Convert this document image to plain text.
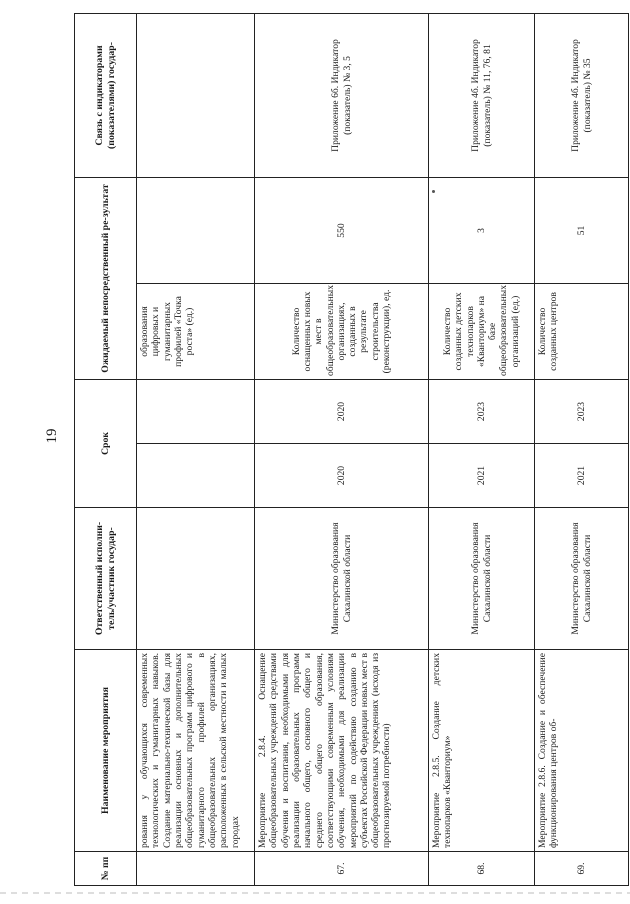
19
№ пп	Наименование мероприятия	Ответственный исполни-тель/участник государ-	Срок		Ожидаемый непосредственный ре-зультат		Связь с индикаторами (показателями) государ-
	рования у обучающихся современных технологических и гуманитарных навыков. Создание материально-технической базы для реализации основных и дополнительных общеобразовательных программ цифрового и гуманитарного профилей в общеобразовательных организациях, расположенных в сельской местности и малых городах				образования цифровых и гуманитарных профилей «Точка роста» (ед.)		
67.	Мероприятие 2.8.4. Оснащение общеобразовательных учреждений средствами обучения и воспитания, необходимыми для реализации образовательных программ начального общего, основного общего и среднего общего образования, соответствующими современным условиям обучения, необходимыми для реализации мероприятий по содействию созданию в субъектах Российской Федерации новых мест в общеобразовательных учреждениях (исходя из прогнозируемой потребности)	Министерство образования Сахалинской области	2020	2020	Количество оснащенных новых мест в общеобразовательных организациях, созданных в результате строительства (реконструкции), ед.	550	Приложение 6б. Индикатор (показатель) № 3, 5
68.	Мероприятие 2.8.5. Создание детских технопарков «Кванториум»	Министерство образования Сахалинской области	2021	2023	Количество созданных детских технопарков «Кванториум» на базе общеобразовательных организаций (ед.)	3	Приложение 4б. Индикатор (показатель) № 11, 76, 81
69.	Мероприятие 2.8.6. Создание и обеспечение функционирования центров об-	Министерство образования Сахалинской области	2021	2023	Количество созданных центров	51	Приложение 4б. Индикатор (показатель) № 35
